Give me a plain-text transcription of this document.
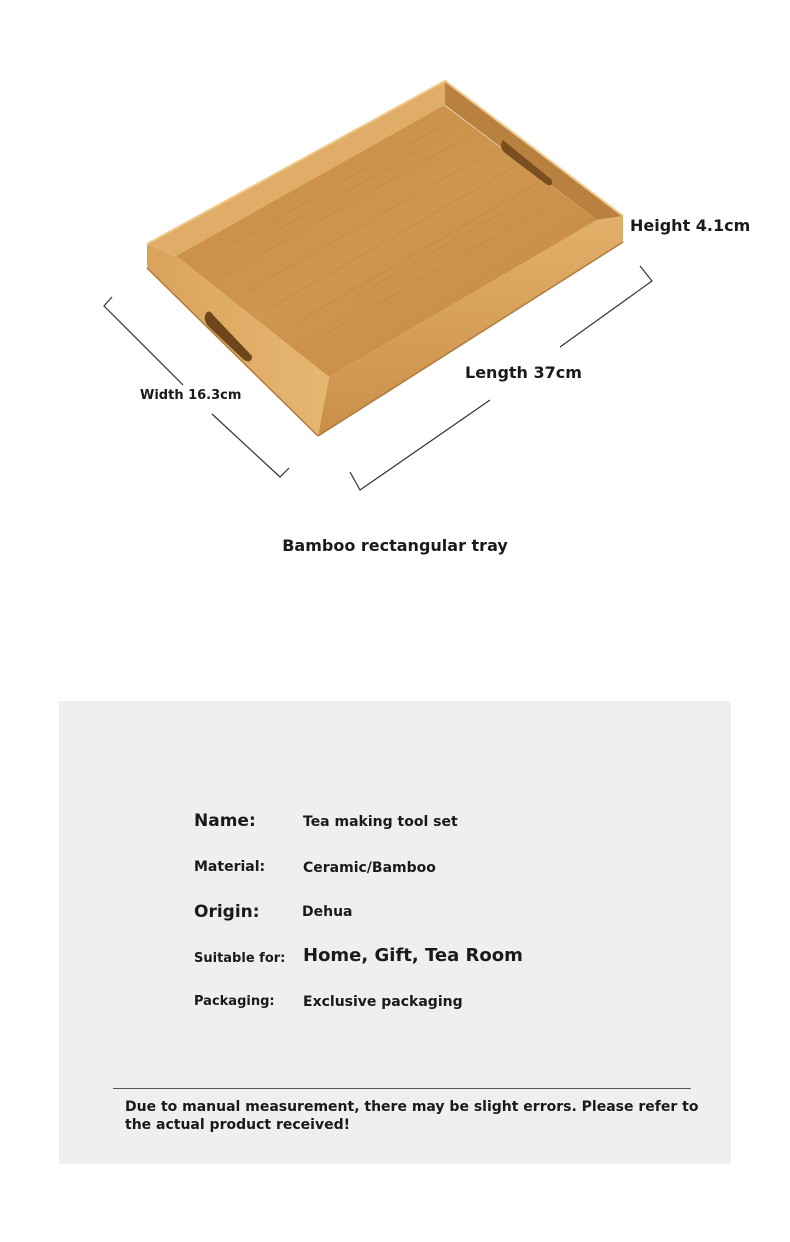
Height 4.1cm
Length 37cm
Width 16.3cm
Bamboo rectangular tray
Name:	Tea making tool set
Material:	Ceramic/Bamboo
Origin:	Dehua
Suitable for: Home, Gift, Tea Room
Packaging: Exclusive packaging
Due to manual measurement, there may be slight errors. Please refer to the actual product received!
